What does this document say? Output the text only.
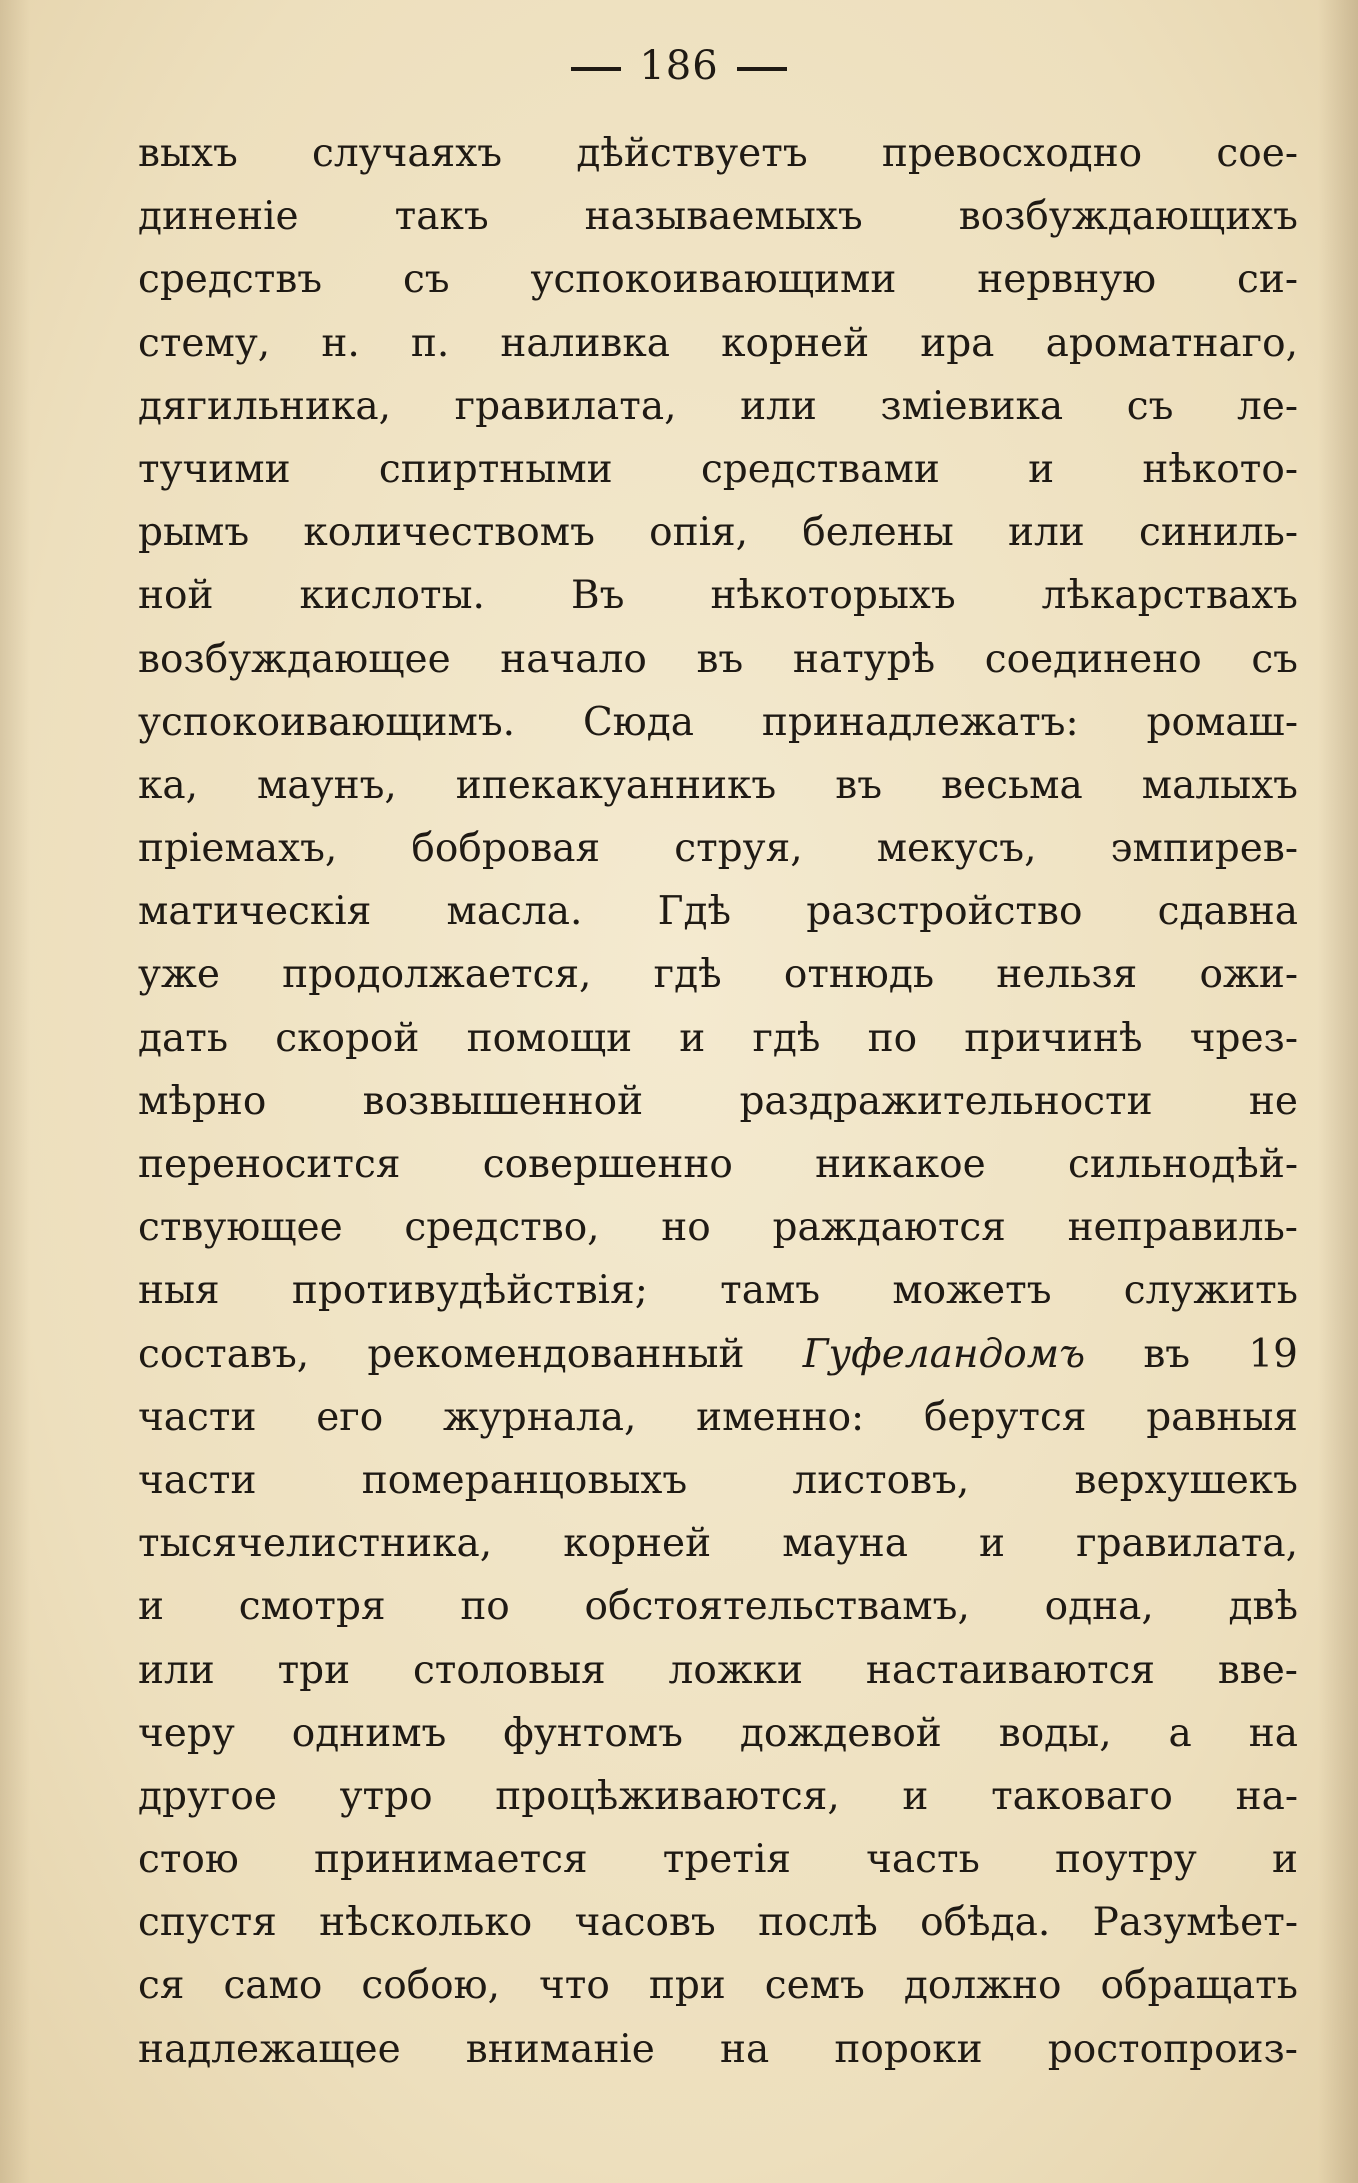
186
выхъ случаяхъ дѣйствуетъ превосходно сое-
диненіе такъ называемыхъ возбуждающихъ
средствъ съ успокоивающими нервную си-
стему, н. п. наливка корней ира ароматнаго,
дягильника, гравилата, или зміевика съ ле-
тучими спиртными средствами и нѣкото-
рымъ количествомъ опія, белены или синиль-
ной кислоты. Въ нѣкоторыхъ лѣкарствахъ
возбуждающее начало въ натурѣ соединено съ
успокоивающимъ. Сюда принадлежатъ: ромаш-
ка, маунъ, ипекакуанникъ въ весьма малыхъ
пріемахъ, бобровая струя, мекусъ, эмпирев-
матическія масла. Гдѣ разстройство сдавна
уже продолжается, гдѣ отнюдь нельзя ожи-
дать скорой помощи и гдѣ по причинѣ чрез-
мѣрно возвышенной раздражительности не
переносится совершенно никакое сильнодѣй-
ствующее средство, но раждаются неправиль-
ныя противудѣйствія; тамъ можетъ служить
составъ, рекомендованный Гуфеландомъ въ 19
части его журнала, именно: берутся равныя
части померанцовыхъ листовъ, верхушекъ
тысячелистника, корней мауна и гравилата,
и смотря по обстоятельствамъ, одна, двѣ
или три столовыя ложки настаиваются вве-
черу однимъ фунтомъ дождевой воды, а на
другое утро процѣживаются, и таковаго на-
стою принимается третія часть поутру и
спустя нѣсколько часовъ послѣ обѣда. Разумѣет-
ся само собою, что при семъ должно обращать
надлежащее вниманіе на пороки ростопроиз-
